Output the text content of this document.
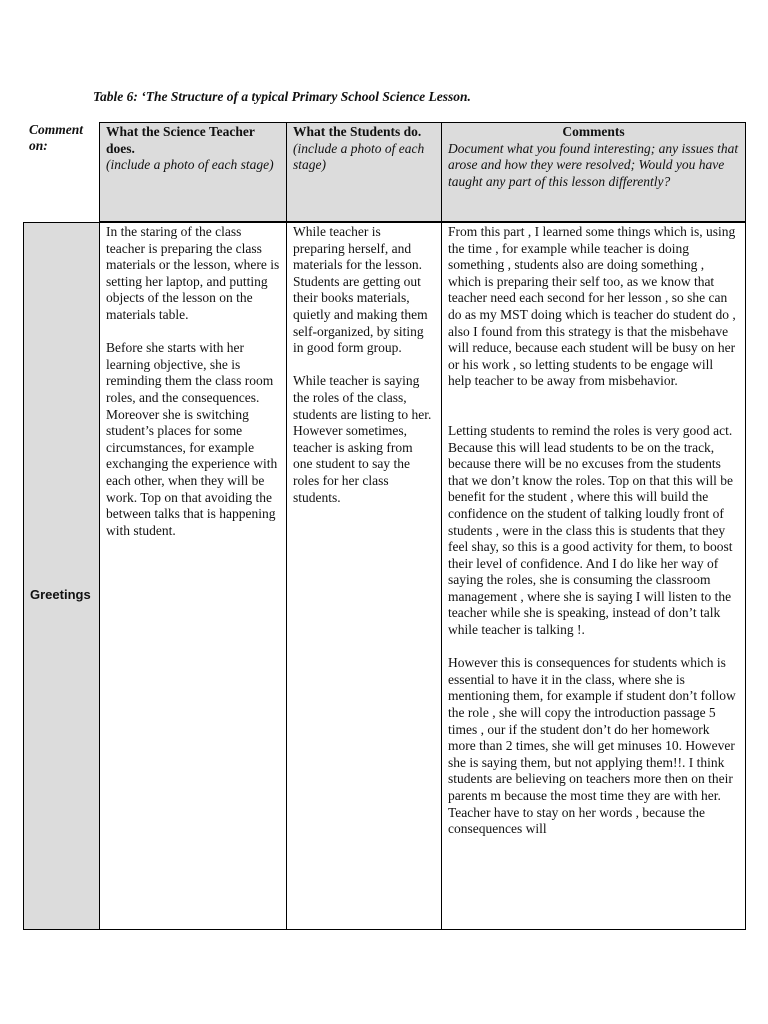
Table 6: ‘The Structure of a typical Primary School Science Lesson.
Comment on:
What the Science Teacher does.
(include a photo of each stage)
What the Students do.
(include a photo of each stage)
Comments
Document what you found interesting; any issues that arose and how they were resolved; Would you have taught any part of this lesson differently?
Greetings

In the staring of the class teacher is preparing the class materials or the lesson, where is setting her laptop, and putting objects of the lesson on the materials table.

Before she starts with her learning objective, she is reminding them the class room roles, and the consequences. Moreover she is switching student’s places for some circumstances, for example exchanging the experience with each other, when they will be work. Top on that avoiding the between talks that is happening with student.

While teacher is preparing herself, and materials for the lesson. Students are getting out their books materials, quietly and making them self-organized, by siting in good form group.

While teacher is saying the roles of the class, students are listing to her. However sometimes, teacher is asking from one student to say the roles for her class students.

From this part , I learned some things which is, using the time , for example while teacher is doing something , students also are doing something , which is preparing their self too, as we know that teacher need each second for her lesson , so she can do as my MST doing which is teacher do student do , also I found from this strategy is that the misbehave will reduce, because each student will be busy on her or his work , so letting students to be engage will help teacher to be away from misbehavior.

Letting students to remind the roles is very good act. Because this will lead students to be on the track, because there will be no excuses from the students that we don’t know the roles. Top on that this will be benefit for the student , where this will build the confidence on the student of talking loudly front of students , were in the class this is students that they feel shay, so this is a good activity for them, to boost their level of confidence. And I do like her way of saying the roles, she is consuming the classroom management , where she is saying I will listen to the teacher while she is speaking, instead of don’t talk while teacher is talking !.

However this is consequences for students which is essential to have it in the class, where she is mentioning them, for example if student don’t follow the role , she will copy the introduction passage 5 times , our if the student don’t do her homework more than 2 times, she will get minuses 10. However she is saying them, but not applying them!!. I think students are believing on teachers more then on their parents m because the most time they are with her. Teacher have to stay on her words , because the consequences will
